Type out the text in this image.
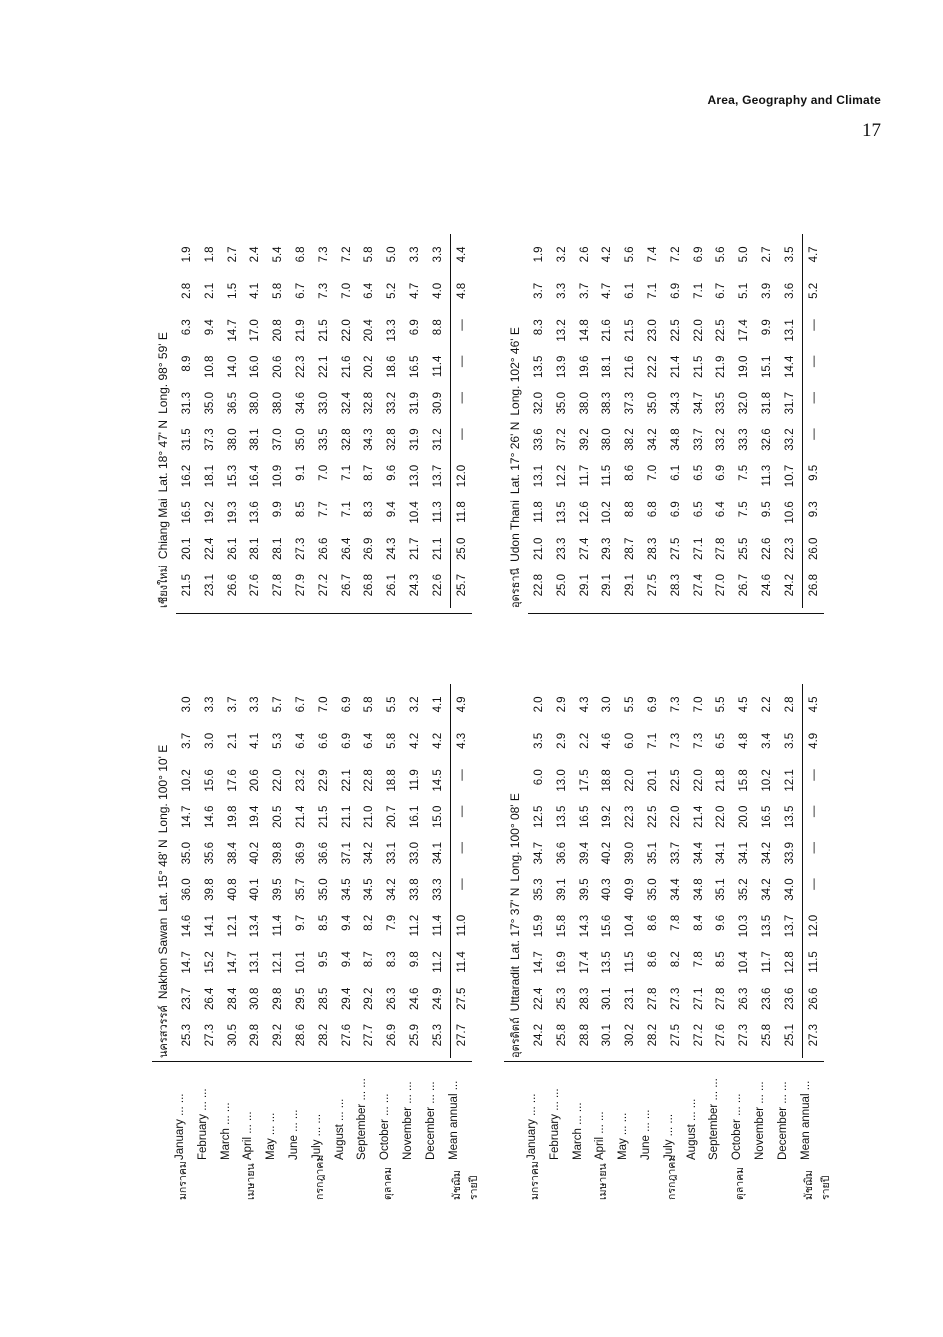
Area, Geography and Climate
17
มกราคม
January ... ... February ... ... March ... ...
เมษายน
April ... ... May ... ... June ... ...
กรกฎาคม
July ... ... August ... ... September ... ...
ตุลาคม
October ... ... November ... ... December ... ...
มัชฌิมรายปี
Mean annual ...
นครสวรรค์Nakhon SawanLat. 15° 48' NLong. 100° 10' E
25.3
23.7
14.7
14.6
36.0
35.0
14.7
10.2
3.7
3.0
27.3
26.4
15.2
14.1
39.8
35.6
14.6
15.6
3.0
3.3
30.5
28.4
14.7
12.1
40.8
38.4
19.8
17.6
2.1
3.7
29.8
30.8
13.1
13.4
40.1
40.2
19.4
20.6
4.1
3.3
29.2
29.8
12.1
11.4
39.5
39.8
20.5
22.0
5.3
5.7
28.6
29.5
10.1
9.7
35.7
36.9
21.4
23.2
6.4
6.7
28.2
28.5
9.5
8.5
35.0
36.6
21.5
22.9
6.6
7.0
27.6
29.4
9.4
9.4
34.5
37.1
21.1
22.1
6.9
6.9
27.7
29.2
8.7
8.2
34.5
34.2
21.0
22.8
6.4
5.8
26.9
26.3
8.3
7.9
34.2
33.1
20.7
18.8
5.8
5.5
25.9
24.6
9.8
11.2
33.8
33.0
16.1
11.9
4.2
3.2
25.3
24.9
11.2
11.4
33.3
34.1
15.0
14.5
4.2
4.1
27.7
27.5
11.4
11.0
—
—
—
—
4.3
4.9
เชียงใหม่Chiang MaiLat. 18° 47' NLong. 98° 59' E
21.5
20.1
16.5
16.2
31.5
31.3
8.9
6.3
2.8
1.9
23.1
22.4
19.2
18.1
37.3
35.0
10.8
9.4
2.1
1.8
26.6
26.1
19.3
15.3
38.0
36.5
14.0
14.7
1.5
2.7
27.6
28.1
13.6
16.4
38.1
38.0
16.0
17.0
4.1
2.4
27.8
28.1
9.9
10.9
37.0
38.0
20.6
20.8
5.8
5.4
27.9
27.3
8.5
9.1
35.0
34.6
22.3
21.9
6.7
6.8
27.2
26.6
7.7
7.0
33.5
33.0
22.1
21.5
7.3
7.3
26.7
26.4
7.1
7.1
32.8
32.4
21.6
22.0
7.0
7.2
26.8
26.9
8.3
8.7
34.3
32.8
20.2
20.4
6.4
5.8
26.1
24.3
9.4
9.6
32.8
33.2
18.6
13.3
5.2
5.0
24.3
21.7
10.4
13.0
31.9
31.9
16.5
6.9
4.7
3.3
22.6
21.1
11.3
13.7
31.2
30.9
11.4
8.8
4.0
3.3
25.7
25.0
11.8
12.0
—
—
—
—
4.8
4.4
มกราคม
January ... ... February ... ... March ... ...
เมษายน
April ... ... May ... ... June ... ...
กรกฎาคม
July ... ... August ... ... September ... ...
ตุลาคม
October ... ... November ... ... December ... ...
มัชฌิมรายปี
Mean annual ...
อุตรดิตถ์UttaraditLat. 17° 37' NLong. 100° 08' E
24.2
22.4
14.7
15.9
35.3
34.7
12.5
6.0
3.5
2.0
25.8
25.3
16.9
15.8
39.1
36.6
13.5
13.0
2.9
2.9
28.8
28.3
17.4
14.3
39.5
39.4
16.5
17.5
2.2
4.3
30.1
30.1
13.5
15.6
40.3
40.2
19.2
18.8
4.6
3.0
30.2
23.1
11.5
10.4
40.9
39.0
22.3
22.0
6.0
5.5
28.2
27.8
8.6
8.6
35.0
35.1
22.5
20.1
7.1
6.9
27.5
27.3
8.2
7.8
34.4
33.7
22.0
22.5
7.3
7.3
27.2
27.1
7.8
8.4
34.8
34.4
21.4
22.0
7.3
7.0
27.6
27.8
8.5
9.6
35.1
34.1
22.0
21.8
6.5
5.5
27.3
26.3
10.4
10.3
35.2
34.1
20.0
15.8
4.8
4.5
25.8
23.6
11.7
13.5
34.2
34.2
16.5
10.2
3.4
2.2
25.1
23.6
12.8
13.7
34.0
33.9
13.5
12.1
3.5
2.8
27.3
26.6
11.5
12.0
—
—
—
—
4.9
4.5
อุดรธานีUdon ThaniLat. 17° 26' NLong. 102° 46' E
22.8
21.0
11.8
13.1
33.6
32.0
13.5
8.3
3.7
1.9
25.0
23.3
13.5
12.2
37.2
35.0
13.9
13.2
3.3
3.2
29.1
27.4
12.6
11.7
39.2
38.0
19.6
14.8
3.7
2.6
29.1
29.3
10.2
11.5
38.0
38.3
18.1
21.6
4.7
4.2
29.1
28.7
8.8
8.6
38.2
37.3
21.6
21.5
6.1
5.6
27.5
28.3
6.8
7.0
34.2
35.0
22.2
23.0
7.1
7.4
28.3
27.5
6.9
6.1
34.8
34.3
21.4
22.5
6.9
7.2
27.4
27.1
6.5
6.5
33.7
34.7
21.5
22.0
7.1
6.9
27.0
27.8
6.4
6.9
33.2
33.5
21.9
22.5
6.7
5.6
26.7
25.5
7.5
7.5
33.3
32.0
19.0
17.4
5.1
5.0
24.6
22.6
9.5
11.3
32.6
31.8
15.1
9.9
3.9
2.7
24.2
22.3
10.6
10.7
33.2
31.7
14.4
13.1
3.6
3.5
26.8
26.0
9.3
9.5
—
—
—
—
5.2
4.7
